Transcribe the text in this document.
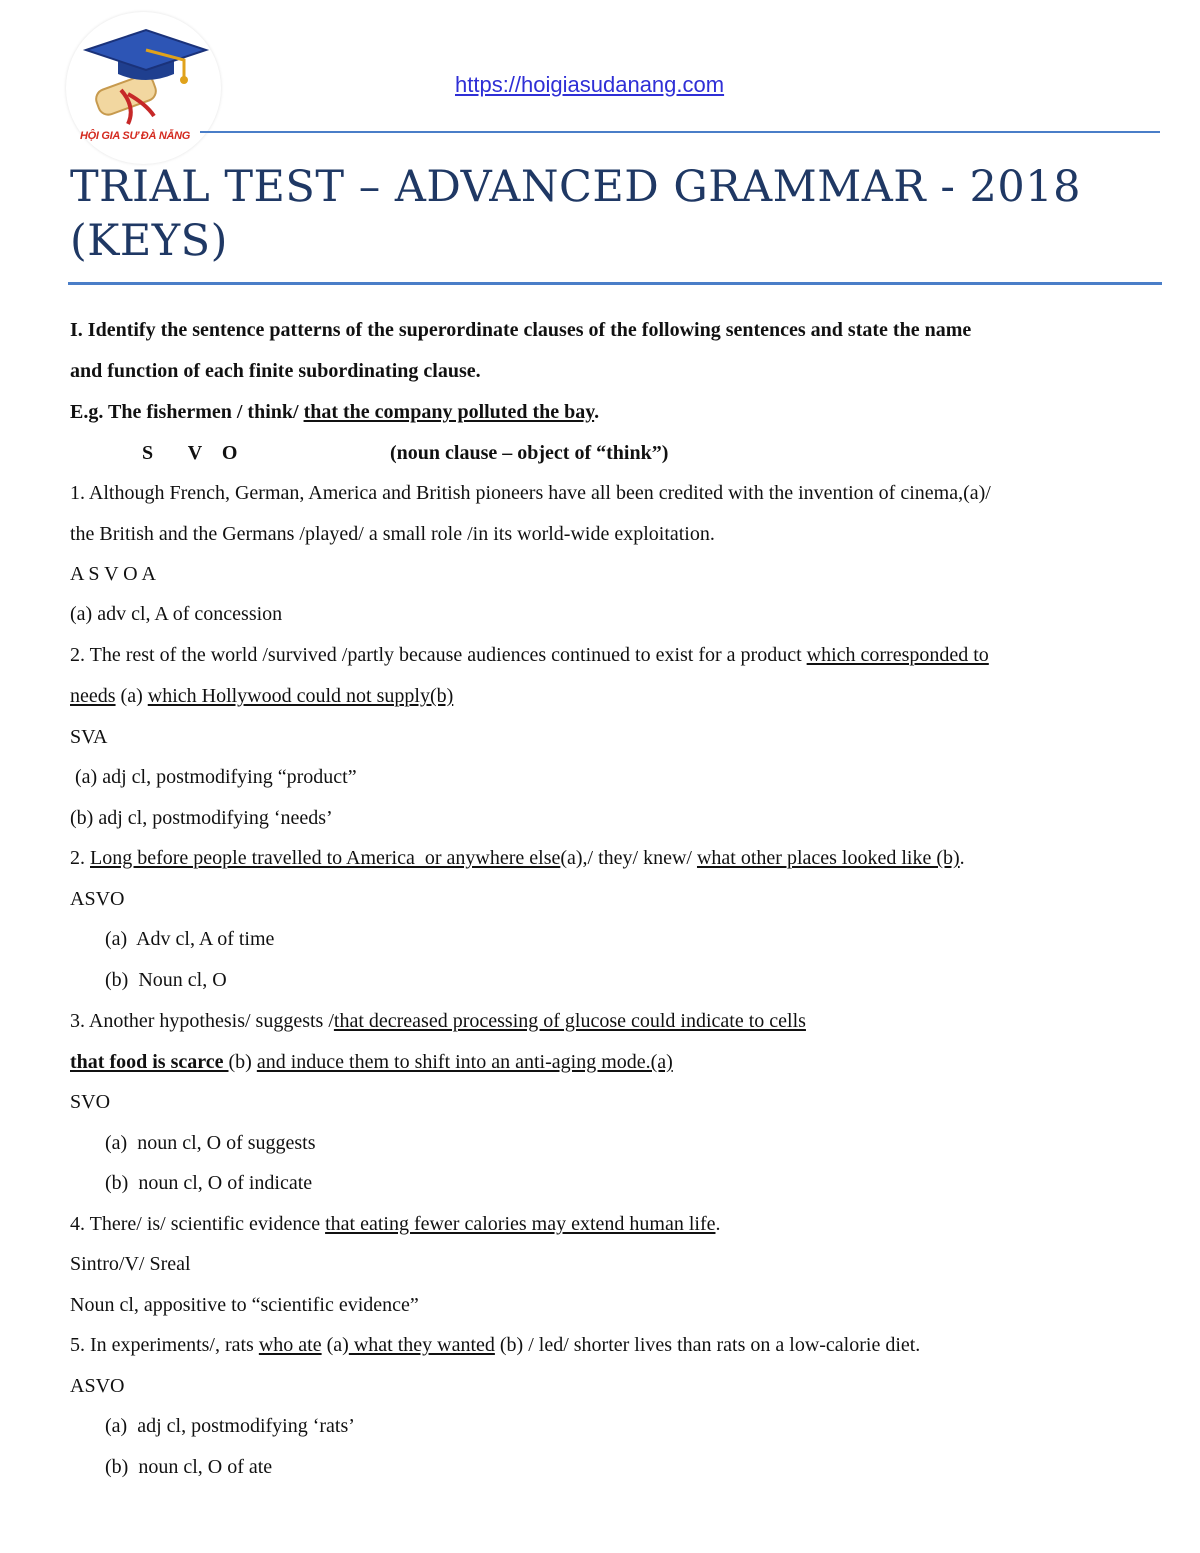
HỘI GIA SƯ ĐÀ NẴNG
https://hoigiasudanang.com
TRIAL TEST – ADVANCED GRAMMAR - 2018
(KEYS)
I. Identify the sentence patterns of the superordinate clauses of the following sentences and state the name
and function of each finite subordinating clause.
E.g. The fishermen / think/ that the company polluted the bay.
S       V    O	(noun clause – object of “think”)
1. Although French, German, America and British pioneers have all been credited with the invention of cinema,(a)/
the British and the Germans /played/ a small role /in its world-wide exploitation.
A S V O A
(a) adv cl, A of concession
2. The rest of the world /survived /partly because audiences continued to exist for a product which corresponded to
needs (a) which Hollywood could not supply(b)
SVA
(a) adj cl, postmodifying “product”
(b) adj cl, postmodifying ‘needs’
2. Long before people travelled to America  or anywhere else(a),/ they/ knew/ what other places looked like (b).
ASVO
(a)  Adv cl, A of time
(b)  Noun cl, O
3. Another hypothesis/ suggests /that decreased processing of glucose could indicate to cells
that food is scarce (b) and induce them to shift into an anti-aging mode.(a)
SVO
(a)  noun cl, O of suggests
(b)  noun cl, O of indicate
4. There/ is/ scientific evidence that eating fewer calories may extend human life.
Sintro/V/ Sreal
Noun cl, appositive to “scientific evidence”
5. In experiments/, rats who ate (a) what they wanted (b) / led/ shorter lives than rats on a low-calorie diet.
ASVO
(a)  adj cl, postmodifying ‘rats’
(b)  noun cl, O of ate
